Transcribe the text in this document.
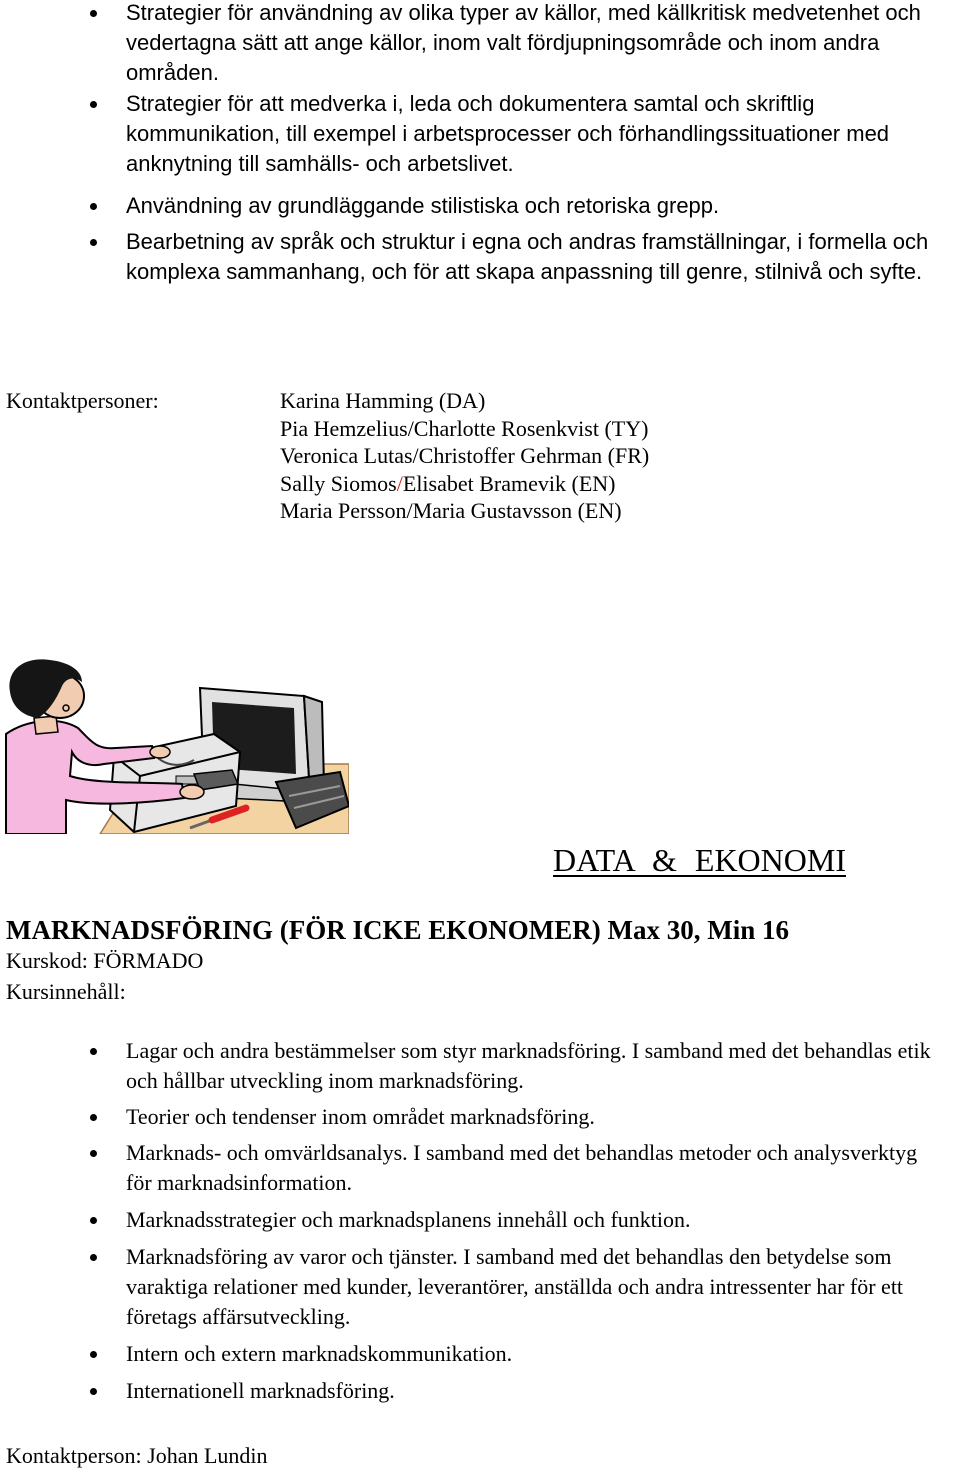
Strategier för användning av olika typer av källor, med källkritisk medvetenhet och vedertagna sätt att ange källor, inom valt fördjupningsområde och inom andra områden.
Strategier för att medverka i, leda och dokumentera samtal och skriftlig kommunikation, till exempel i arbetsprocesser och förhandlingssituationer med anknytning till samhälls- och arbetslivet.
Användning av grundläggande stilistiska och retoriska grepp.
Bearbetning av språk och struktur i egna och andras framställningar, i formella och komplexa sammanhang, och för att skapa anpassning till genre, stilnivå och syfte.
Kontaktpersoner:	Karina Hamming (DA)
Pia Hemzelius/Charlotte Rosenkvist (TY)
Veronica Lutas/Christoffer Gehrman (FR)
Sally Siomos/Elisabet Bramevik (EN)
Maria Persson/Maria Gustavsson (EN)
DATA & EKONOMI
MARKNADSFÖRING (FÖR ICKE EKONOMER) Max 30, Min 16
Kurskod: FÖRMADO
Kursinnehåll:
Lagar och andra bestämmelser som styr marknadsföring. I samband med det behandlas etik och hållbar utveckling inom marknadsföring.
Teorier och tendenser inom området marknadsföring.
Marknads- och omvärldsanalys. I samband med det behandlas metoder och analysverktyg för marknadsinformation.
Marknadsstrategier och marknadsplanens innehåll och funktion.
Marknadsföring av varor och tjänster. I samband med det behandlas den betydelse som varaktiga relationer med kunder, leverantörer, anställda och andra intressenter har för ett företags affärsutveckling.
Intern och extern marknadskommunikation.
Internationell marknadsföring.
Kontaktperson: Johan Lundin
